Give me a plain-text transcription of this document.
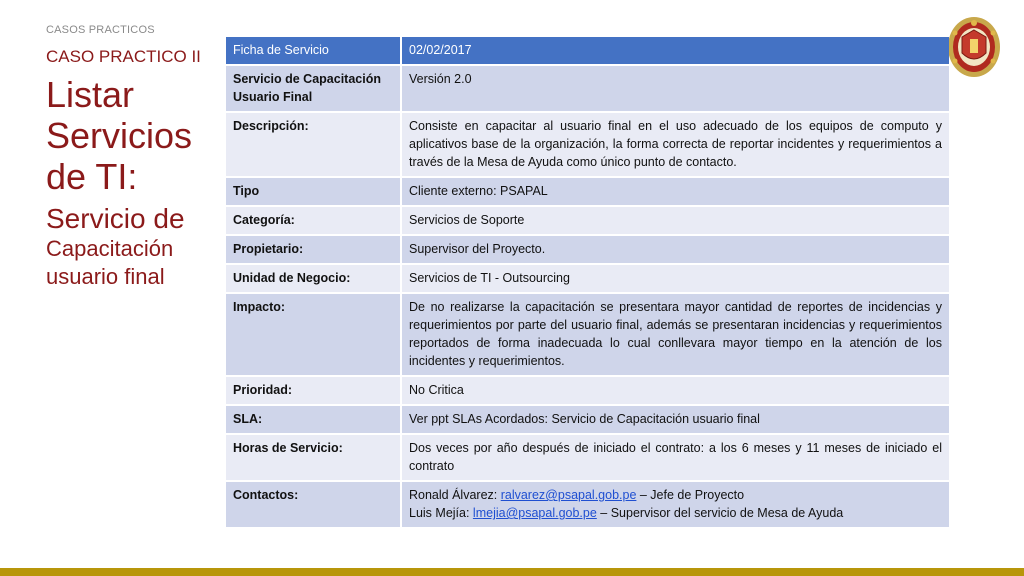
CASOS PRACTICOS
CASO PRACTICO II
Listar Servicios de TI:
Servicio de
Capacitación usuario final
Ficha de Servicio	02/02/2017
Servicio de Capacitación Usuario Final	Versión 2.0
Descripción:	Consiste en capacitar al usuario final en el uso adecuado de los equipos de computo y aplicativos base de la organización, la forma correcta de reportar incidentes y requerimientos a través de la Mesa de Ayuda como único punto de contacto.
Tipo	Cliente externo: PSAPAL
Categoría:	Servicios de Soporte
Propietario:	Supervisor del Proyecto.
Unidad de Negocio:	Servicios de TI - Outsourcing
Impacto:	De no realizarse la capacitación se presentara mayor cantidad de reportes de incidencias y requerimientos por parte del usuario final, además se presentaran incidencias y requerimientos reportados de forma inadecuada lo cual conllevara mayor tiempo en la atención de los incidentes y requerimientos.
Prioridad:	No Critica
SLA:	Ver ppt SLAs Acordados: Servicio de Capacitación usuario final
Horas de Servicio:	Dos veces por año después de iniciado el contrato: a los 6 meses y 11 meses de iniciado el contrato
Contactos:	Ronald Álvarez: ralvarez@psapal.gob.pe – Jefe de Proyecto
Luis Mejía: lmejia@psapal.gob.pe – Supervisor del servicio de Mesa de Ayuda
